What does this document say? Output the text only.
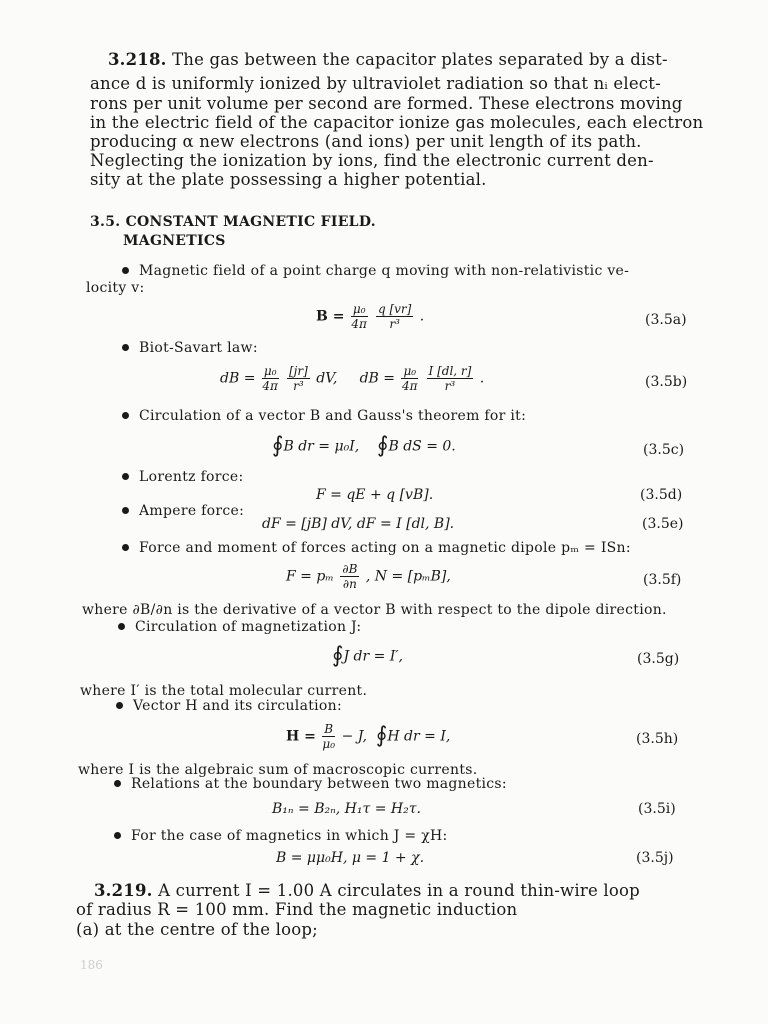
3.218. The gas between the capacitor plates separated by a dist-
ance d is uniformly ionized by ultraviolet radiation so that nᵢ elect-
rons per unit volume per second are formed. These electrons moving
in the electric field of the capacitor ionize gas molecules, each electron
producing α new electrons (and ions) per unit length of its path.
Neglecting the ionization by ions, find the electronic current den-
sity at the plate possessing a higher potential.
3.5. CONSTANT MAGNETIC FIELD.
MAGNETICS
Magnetic field of a point charge q moving with non-relativistic ve-
locity v:
$B = \frac{\text{μ₀}}{4\pi}$
$\frac{q [vr]}{\text{r³}}$ .	(3.5a)
Biot-Savart law:
dB = $\frac{\text{μ₀}}{4\pi}$
$\frac{[jr]}{\text{r³}}$ dV, dB = $\frac{\text{μ₀}}{4\pi}$
$\frac{I [dl, r]}{\text{r³}}$ .	(3.5b)
Circulation of a vector B and Gauss's theorem for it:
∮B dr = μ₀I, ∮B dS = 0.	(3.5c)
Lorentz force:
F = qE + q [vB].	(3.5d)
Ampere force:
dF = [jB] dV, dF = I [dl, B].	(3.5e)
Force and moment of forces acting on a magnetic dipole pₘ = ISn:
F = pₘ $\frac{\partial B}{\partial n}$ , N = [pₘB],	(3.5f)
where ∂B/∂n is the derivative of a vector B with respect to the dipole direction.
Circulation of magnetization J:
∮J dr = I′,	(3.5g)
where I′ is the total molecular current.
Vector H and its circulation:
$H = \frac{B}{\text{μ₀}} - J$, ∮H dr = I,	(3.5h)
where I is the algebraic sum of macroscopic currents.
Relations at the boundary between two magnetics:
B₁ₙ = B₂ₙ, H₁τ = H₂τ.	(3.5i)
For the case of magnetics in which J = χH:
B = μμ₀H, μ = 1 + χ.	(3.5j)
3.219. A current I = 1.00 A circulates in a round thin-wire loop
of radius R = 100 mm. Find the magnetic induction
(a) at the centre of the loop;
186
